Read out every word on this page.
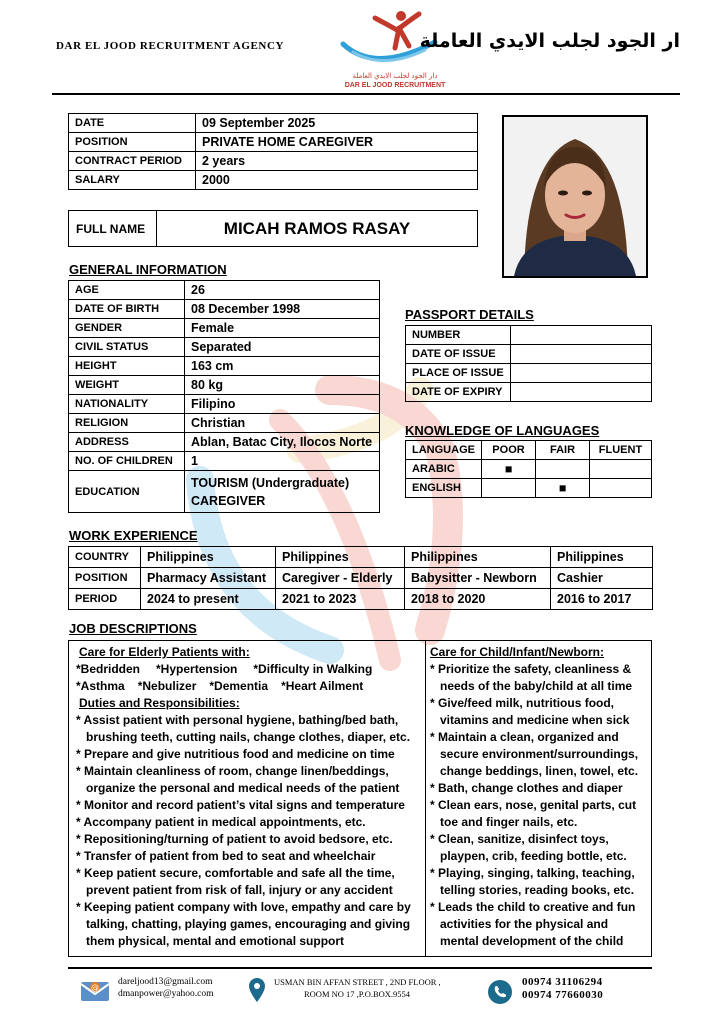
DAR EL JOOD RECRUITMENT AGENCY
دار الجود لجلب الايدي العاملة
DAR EL JOOD RECRUITMENT
ار الجود لجلب الايدي العاملة
DATE	09 September 2025
POSITION	PRIVATE HOME CAREGIVER
CONTRACT PERIOD	2 years
SALARY	2000
FULL NAME	MICAH RAMOS RASAY
GENERAL INFORMATION
AGE	26
DATE OF BIRTH	08 December 1998
GENDER	Female
CIVIL STATUS	Separated
HEIGHT	163 cm
WEIGHT	80 kg
NATIONALITY	Filipino
RELIGION	Christian
ADDRESS	Ablan, Batac City, Ilocos Norte
NO. OF CHILDREN	1
EDUCATION	TOURISM (Undergraduate)
CAREGIVER
PASSPORT DETAILS
NUMBER	
DATE OF ISSUE	
PLACE OF ISSUE	
DATE OF EXPIRY	
KNOWLEDGE OF LANGUAGES
LANGUAGE	POOR	FAIR	FLUENT
ARABIC	■		
ENGLISH		■	
WORK EXPERIENCE
COUNTRY	Philippines	Philippines	Philippines	Philippines
POSITION	Pharmacy Assistant	Caregiver - Elderly	Babysitter - Newborn	Cashier
PERIOD	2024 to present	2021 to 2023	2018 to 2020	2016 to 2017
JOB DESCRIPTIONS
Care for Elderly Patients with:
*Bedridden *Hypertension *Difficulty in Walking
*Asthma *Nebulizer *Dementia *Heart Ailment
Duties and Responsibilities:
* Assist patient with personal hygiene, bathing/bed bath, brushing teeth, cutting nails, change clothes, diaper, etc.
* Prepare and give nutritious food and medicine on time
* Maintain cleanliness of room, change linen/beddings, organize the personal and medical needs of the patient
* Monitor and record patient’s vital signs and temperature
* Accompany patient in medical appointments, etc.
* Repositioning/turning of patient to avoid bedsore, etc.
* Transfer of patient from bed to seat and wheelchair
* Keep patient secure, comfortable and safe all the time, prevent patient from risk of fall, injury or any accident
* Keeping patient company with love, empathy and care by talking, chatting, playing games, encouraging and giving them physical, mental and emotional support
Care for Child/Infant/Newborn:
* Prioritize the safety, cleanliness & needs of the baby/child at all time
* Give/feed milk, nutritious food, vitamins and medicine when sick
* Maintain a clean, organized and secure environment/surroundings, change beddings, linen, towel, etc.
* Bath, change clothes and diaper
* Clean ears, nose, genital parts, cut toe and finger nails, etc.
* Clean, sanitize, disinfect toys, playpen, crib, feeding bottle, etc.
* Playing, singing, talking, teaching, telling stories, reading books, etc.
* Leads the child to creative and fun activities for the physical and mental development of the child
@
dareljood13@gmail.com
dmanpower@yahoo.com
USMAN BIN AFFAN STREET , 2ND FLOOR ,
ROOM NO 17 ,P.O.BOX.9554
00974 31106294
00974 77660030
